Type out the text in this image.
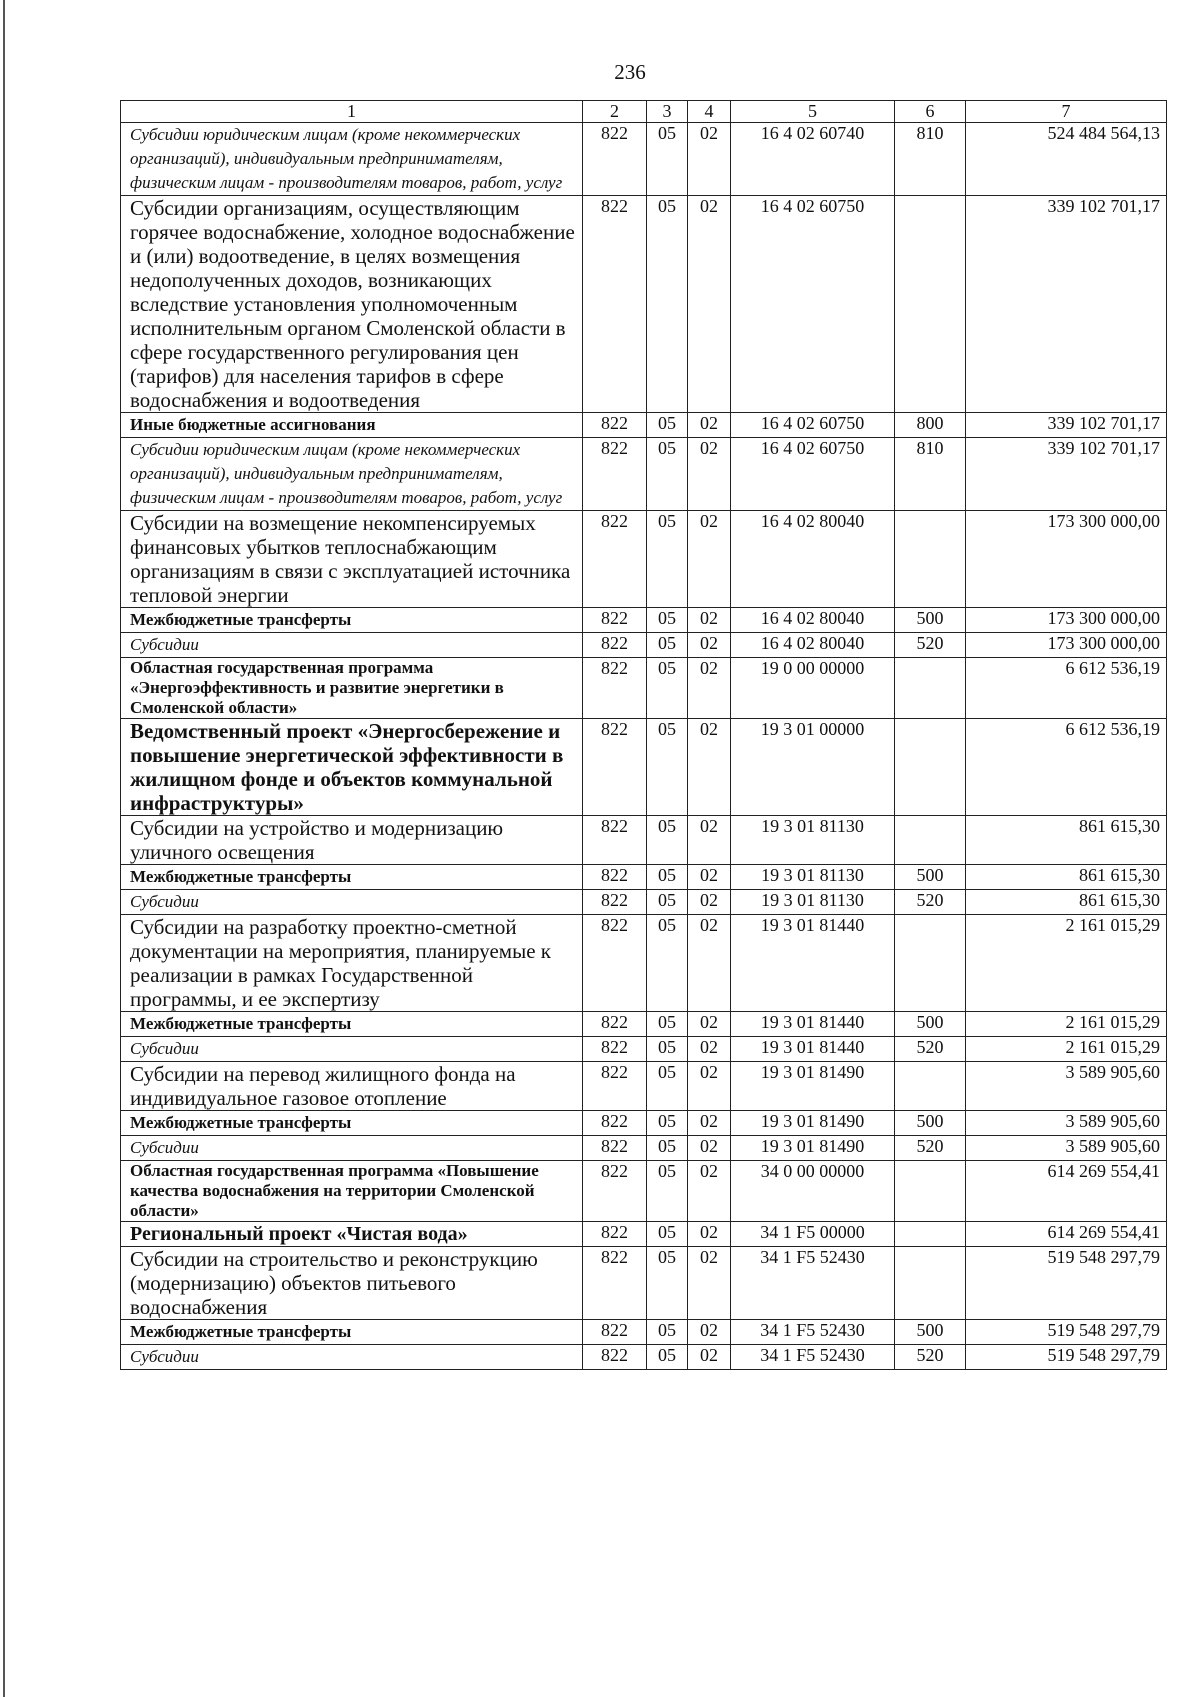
236
1	2	3	4	5	6	7
Субсидии юридическим лицам (кроме некоммерческих организаций), индивидуальным предпринимателям, физическим лицам - производителям товаров, работ, услуг	822	05	02	16 4 02 60740	810	524 484 564,13
Субсидии организациям, осуществляющим горячее водоснабжение, холодное водоснабжение и (или) водоотведение, в целях возмещения недополученных доходов, возникающих вследствие установления уполномоченным исполнительным органом Смоленской области в сфере государственного регулирования цен (тарифов) для населения тарифов в сфере водоснабжения и водоотведения	822	05	02	16 4 02 60750		339 102 701,17
Иные бюджетные ассигнования	822	05	02	16 4 02 60750	800	339 102 701,17
Субсидии юридическим лицам (кроме некоммерческих организаций), индивидуальным предпринимателям, физическим лицам - производителям товаров, работ, услуг	822	05	02	16 4 02 60750	810	339 102 701,17
Субсидии на возмещение некомпенсируемых финансовых убытков теплоснабжающим организациям в связи с эксплуатацией источника тепловой энергии	822	05	02	16 4 02 80040		173 300 000,00
Межбюджетные трансферты	822	05	02	16 4 02 80040	500	173 300 000,00
Субсидии	822	05	02	16 4 02 80040	520	173 300 000,00
Областная государственная программа «Энергоэффективность и развитие энергетики в Смоленской области»	822	05	02	19 0 00 00000		6 612 536,19
Ведомственный проект «Энергосбережение и повышение энергетической эффективности в жилищном фонде и объектов коммунальной инфраструктуры»	822	05	02	19 3 01 00000		6 612 536,19
Субсидии на устройство и модернизацию уличного освещения	822	05	02	19 3 01 81130		861 615,30
Межбюджетные трансферты	822	05	02	19 3 01 81130	500	861 615,30
Субсидии	822	05	02	19 3 01 81130	520	861 615,30
Субсидии на разработку проектно-сметной документации на мероприятия, планируемые к реализации в рамках Государственной программы, и ее экспертизу	822	05	02	19 3 01 81440		2 161 015,29
Межбюджетные трансферты	822	05	02	19 3 01 81440	500	2 161 015,29
Субсидии	822	05	02	19 3 01 81440	520	2 161 015,29
Субсидии на перевод жилищного фонда на индивидуальное газовое отопление	822	05	02	19 3 01 81490		3 589 905,60
Межбюджетные трансферты	822	05	02	19 3 01 81490	500	3 589 905,60
Субсидии	822	05	02	19 3 01 81490	520	3 589 905,60
Областная государственная программа «Повышение качества водоснабжения на территории Смоленской области»	822	05	02	34 0 00 00000		614 269 554,41
Региональный проект «Чистая вода»	822	05	02	34 1 F5 00000		614 269 554,41
Субсидии на строительство и реконструкцию (модернизацию) объектов питьевого водоснабжения	822	05	02	34 1 F5 52430		519 548 297,79
Межбюджетные трансферты	822	05	02	34 1 F5 52430	500	519 548 297,79
Субсидии	822	05	02	34 1 F5 52430	520	519 548 297,79
